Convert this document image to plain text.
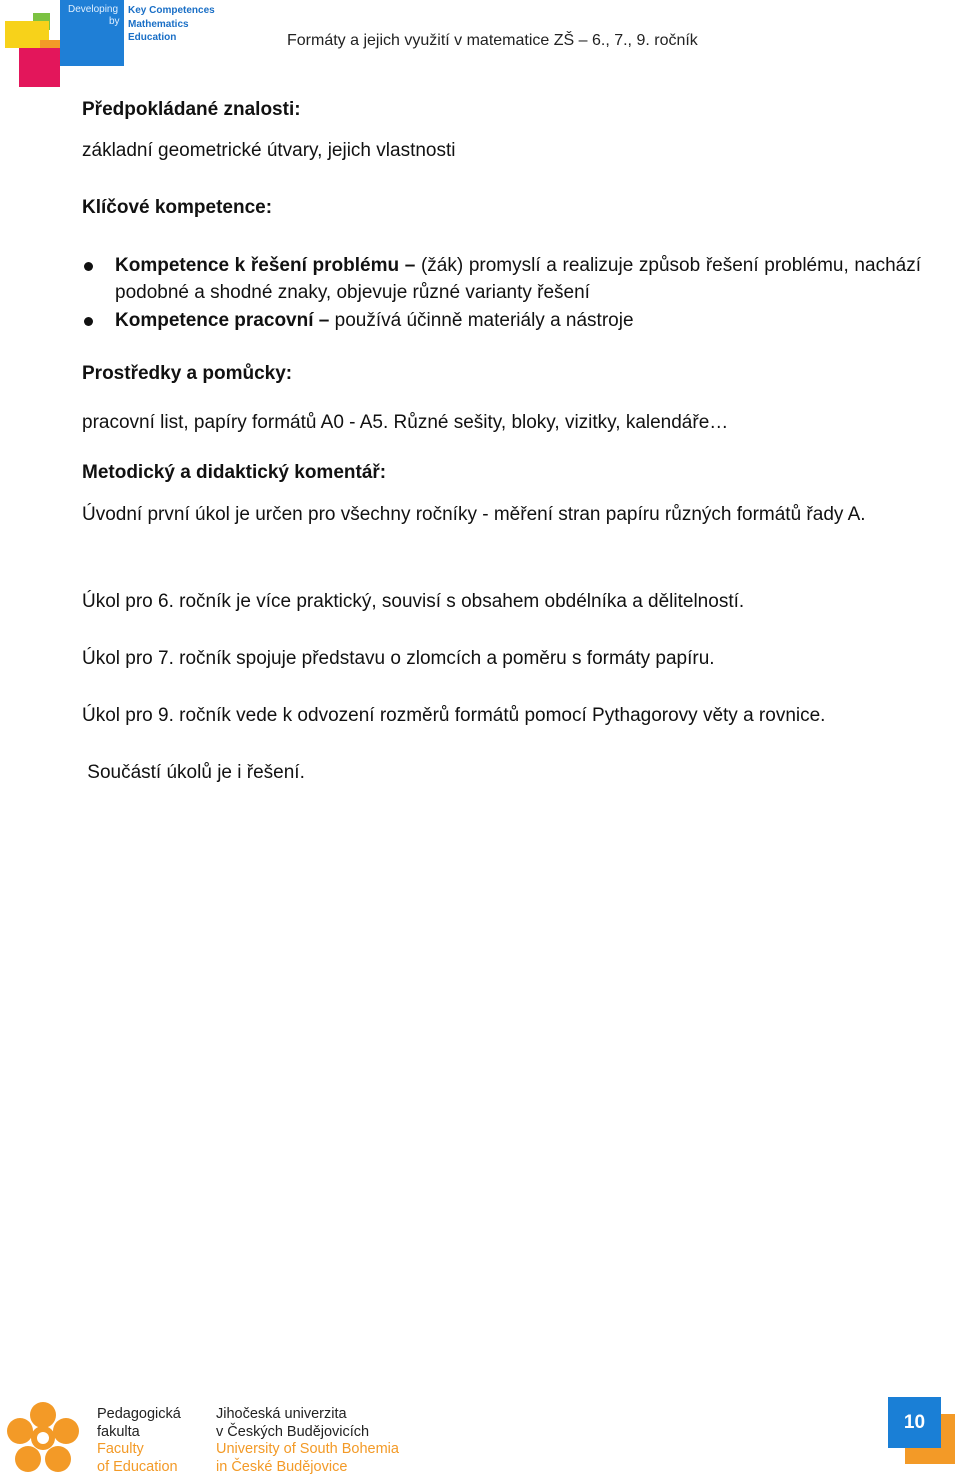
Developing
by
Key Competences
Mathematics
Education	Formáty a jejich využití v matematice ZŠ – 6., 7., 9. ročník
Předpokládané znalosti:
základní geometrické útvary, jejich vlastnosti
Klíčové kompetence:
Kompetence k řešení problému – (žák) promyslí a realizuje způsob řešení problému, nachází podobné a shodné znaky, objevuje různé varianty řešení
Kompetence pracovní – používá účinně materiály a nástroje
Prostředky a pomůcky:
pracovní list, papíry formátů A0 - A5. Různé sešity, bloky, vizitky, kalendáře…
Metodický a didaktický komentář:
Úvodní první úkol je určen pro všechny ročníky - měření stran papíru různých formátů řady A.
Úkol pro 6. ročník je více praktický, souvisí s obsahem obdélníka a dělitelností.
Úkol pro 7. ročník spojuje představu o zlomcích a poměru s formáty papíru.
Úkol pro 9. ročník vede k odvození rozměrů formátů pomocí Pythagorovy věty a rovnice.
Součástí úkolů je i řešení.
Pedagogická
fakulta
Faculty
of Education
Jihočeská univerzita
v Českých Budějovicích
University of South Bohemia
in České Budějovice
10
